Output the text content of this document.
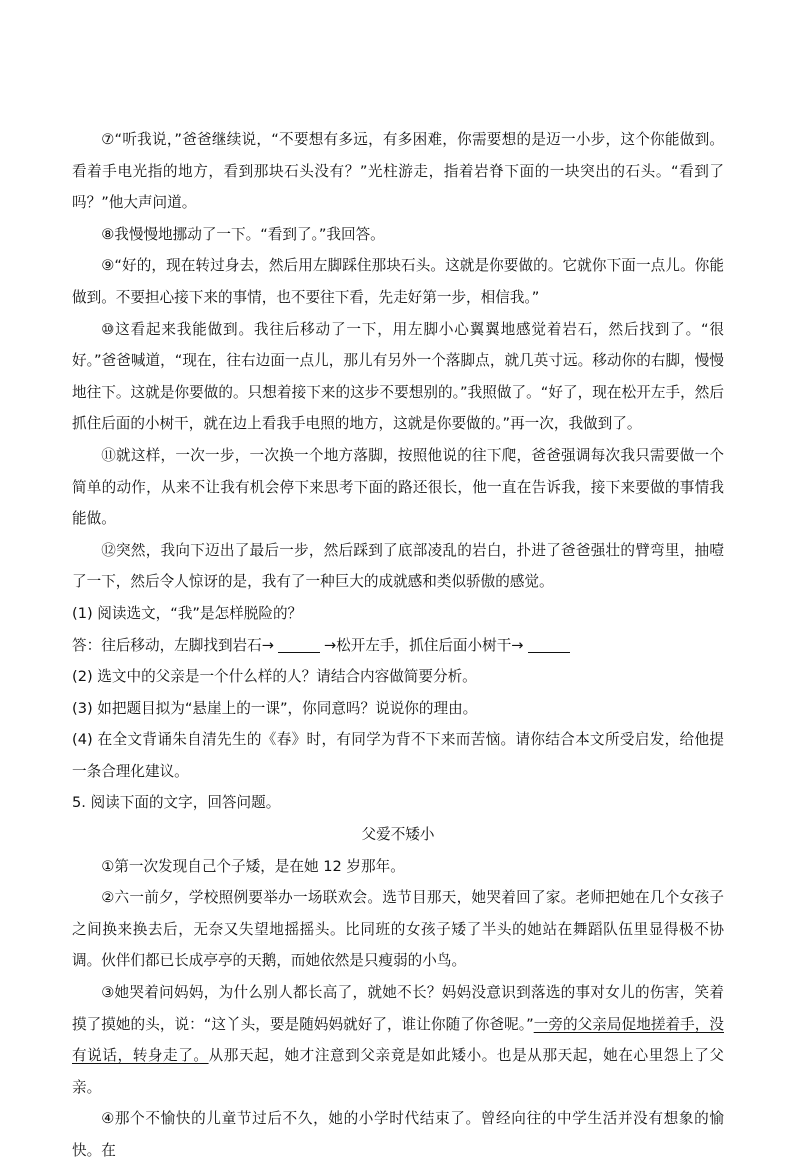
⑦“听我说，”爸爸继续说，“不要想有多远，有多困难，你需要想的是迈一小步，这个你能做到。看着手电光指的地方，看到那块石头没有？”光柱游走，指着岩脊下面的一块突出的石头。“看到了吗？”他大声问道。

⑧我慢慢地挪动了一下。“看到了。”我回答。

⑨“好的，现在转过身去，然后用左脚踩住那块石头。这就是你要做的。它就你下面一点儿。你能做到。不要担心接下来的事情，也不要往下看，先走好第一步，相信我。”

⑩这看起来我能做到。我往后移动了一下，用左脚小心翼翼地感觉着岩石，然后找到了。“很好。”爸爸喊道，“现在，往右边面一点儿，那儿有另外一个落脚点，就几英寸远。移动你的右脚，慢慢地往下。这就是你要做的。只想着接下来的这步不要想别的。”我照做了。“好了，现在松开左手，然后抓住后面的小树干，就在边上看我手电照的地方，这就是你要做的。”再一次，我做到了。

⑪就这样，一次一步，一次换一个地方落脚，按照他说的往下爬，爸爸强调每次我只需要做一个简单的动作，从来不让我有机会停下来思考下面的路还很长，他一直在告诉我，接下来要做的事情我能做。

⑫突然，我向下迈出了最后一步，然后踩到了底部凌乱的岩白，扑进了爸爸强壮的臂弯里，抽噎了一下，然后令人惊讶的是，我有了一种巨大的成就感和类似骄傲的感觉。

(1) 阅读选文，“我”是怎样脱险的？

答：往后移动，左脚找到岩石→	→松开左手，抓住后面小树干→

(2) 选文中的父亲是一个什么样的人？请结合内容做简要分析。

(3) 如把题目拟为“悬崖上的一课”，你同意吗？说说你的理由。

(4) 在全文背诵朱自清先生的《春》时，有同学为背不下来而苦恼。请你结合本文所受启发，给他提一条合理化建议。

5. 阅读下面的文字，回答问题。

父爱不矮小

①第一次发现自己个子矮，是在她 12 岁那年。

②六一前夕，学校照例要举办一场联欢会。选节目那天，她哭着回了家。老师把她在几个女孩子之间换来换去后，无奈又失望地摇摇头。比同班的女孩子矮了半头的她站在舞蹈队伍里显得极不协调。伙伴们都已长成亭亭的天鹅，而她依然是只瘦弱的小鸟。

③她哭着问妈妈，为什么别人都长高了，就她不长？妈妈没意识到落选的事对女儿的伤害，笑着摸了摸她的头，说：“这丫头，要是随妈妈就好了，谁让你随了你爸呢。”一旁的父亲局促地搓着手，没有说话，转身走了。从那天起，她才注意到父亲竟是如此矮小。也是从那天起，她在心里怨上了父亲。

④那个不愉快的儿童节过后不久，她的小学时代结束了。曾经向往的中学生活并没有想象的愉快。在
